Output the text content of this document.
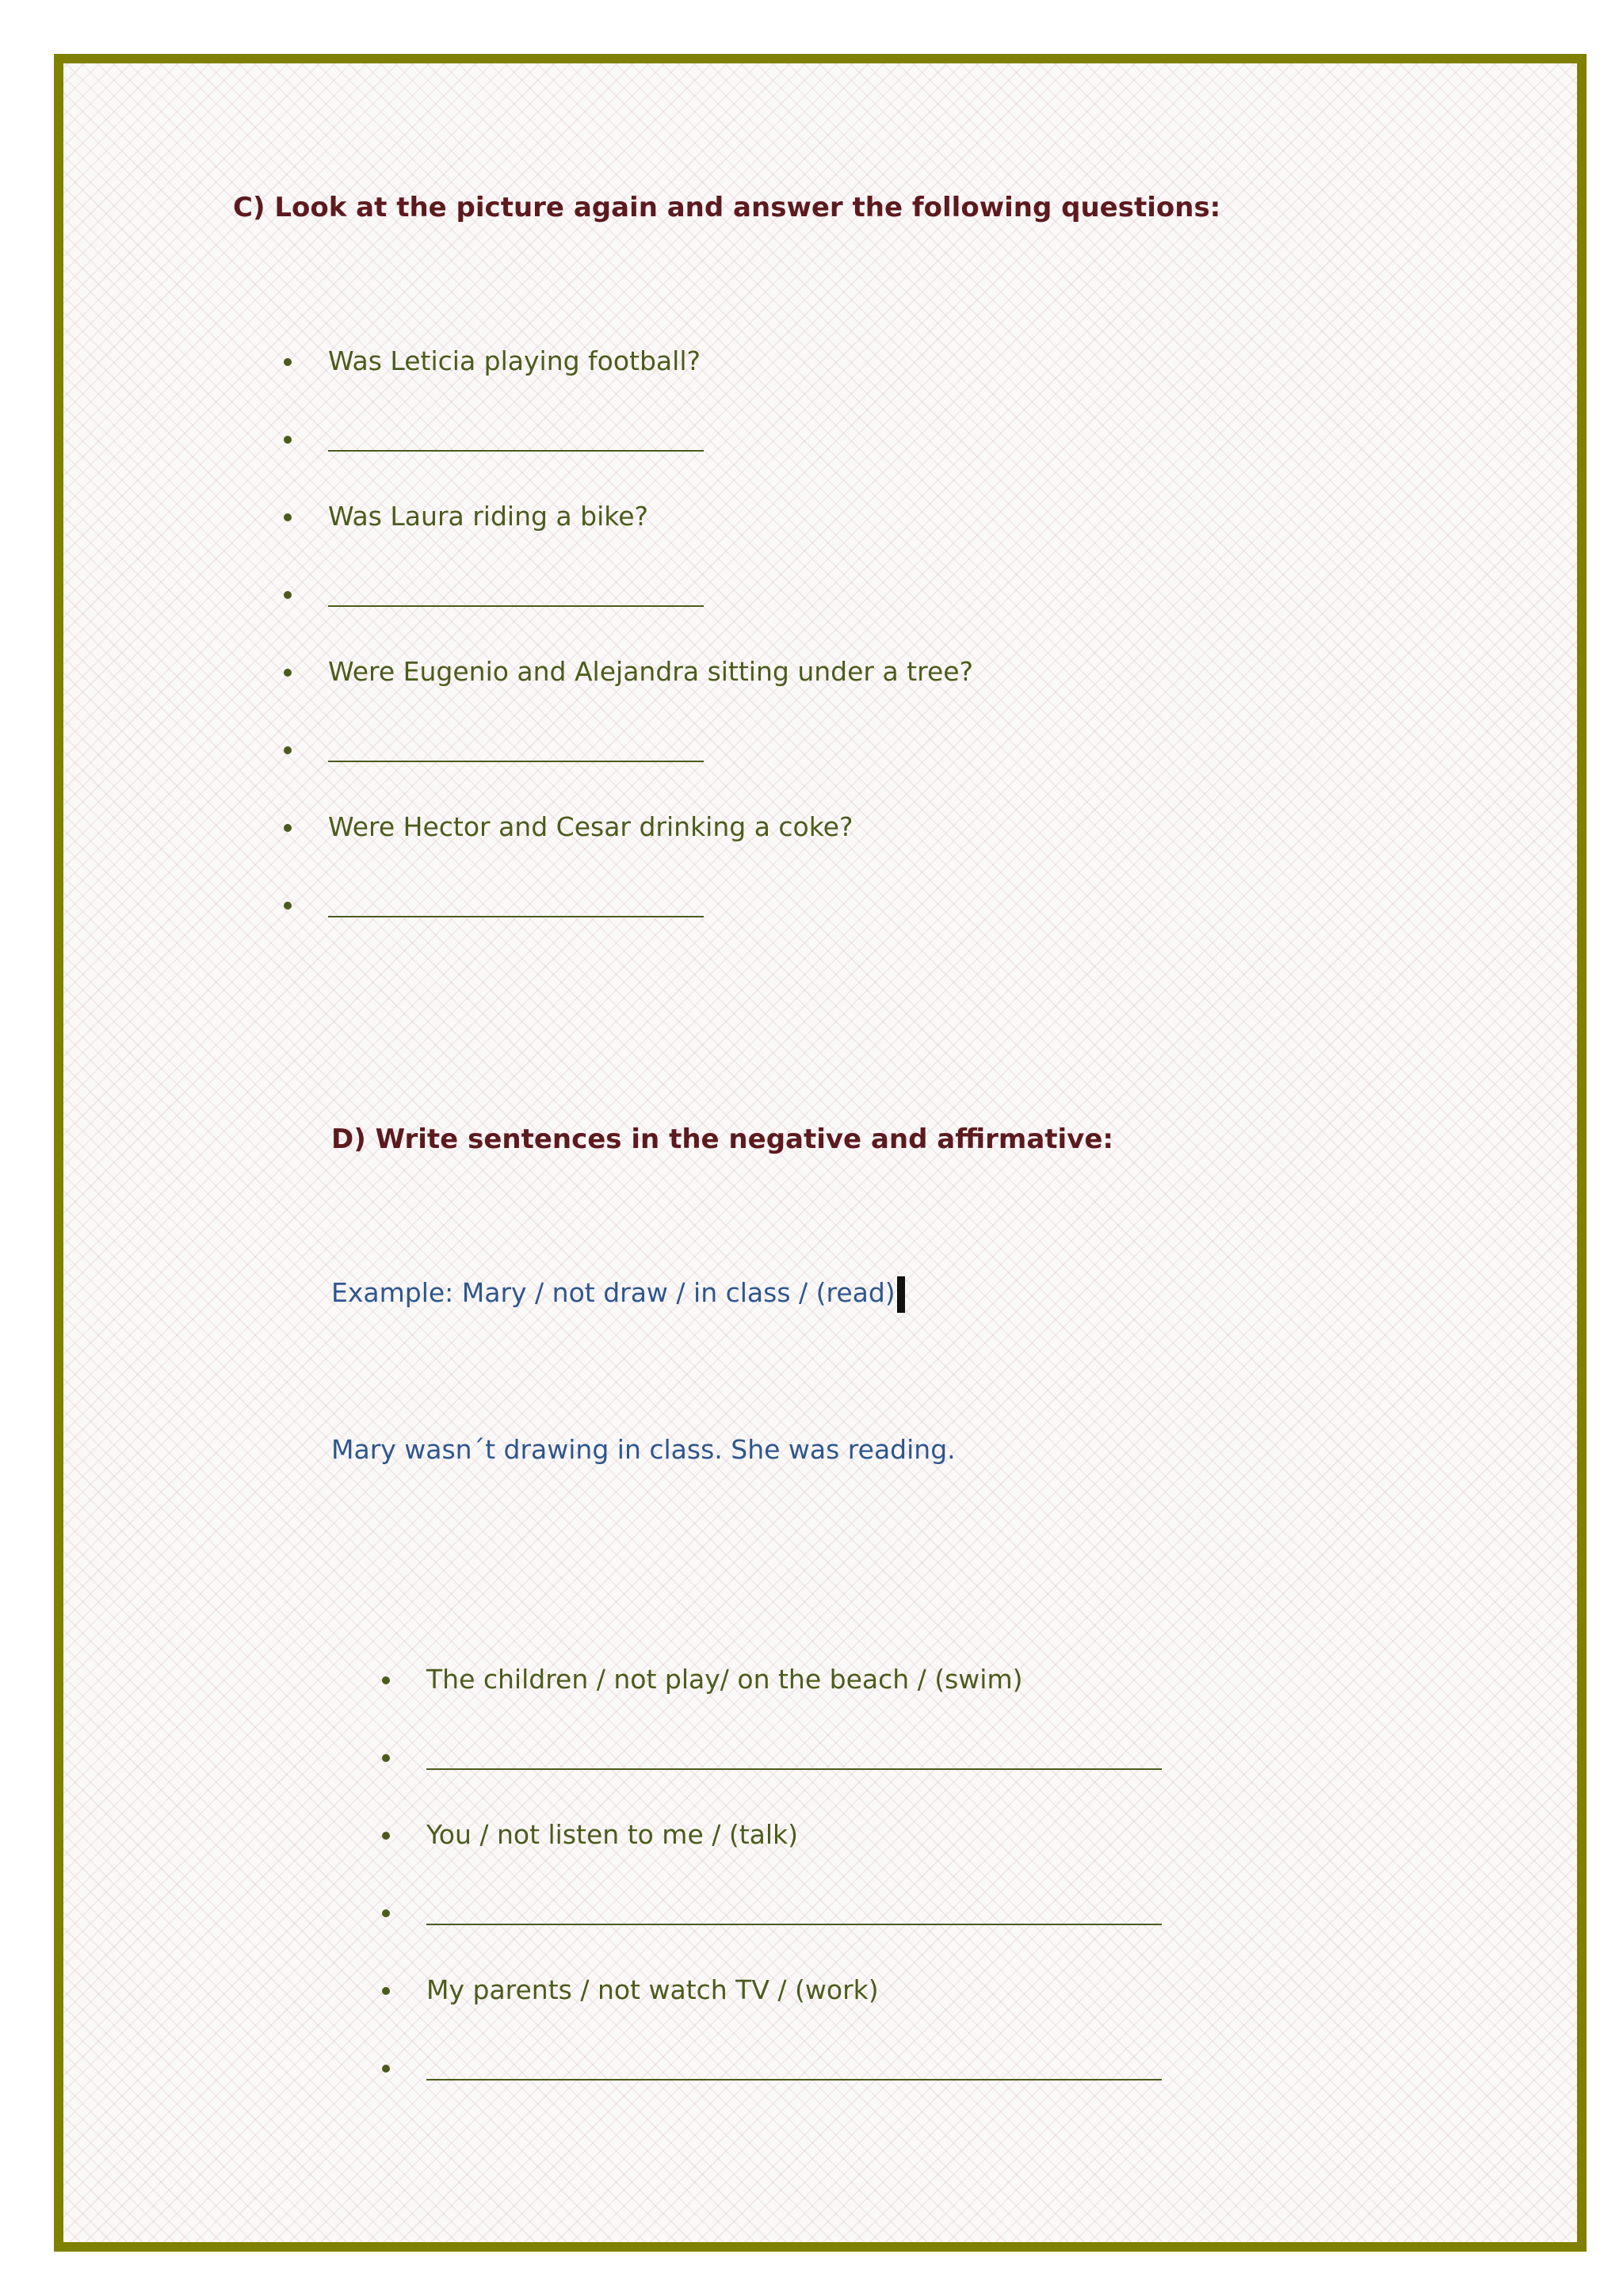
C) Look at the picture again and answer the following questions:
Was Leticia playing football?
Was Laura riding a bike?
Were Eugenio and Alejandra sitting under a tree?
Were Hector and Cesar drinking a coke?
D) Write sentences in the negative and affirmative:

Example: Mary / not draw / in class / (read)

Mary wasn´t drawing in class. She was reading.

The children / not play/ on the beach / (swim)
You / not listen to me / (talk)
My parents / not watch TV / (work)
